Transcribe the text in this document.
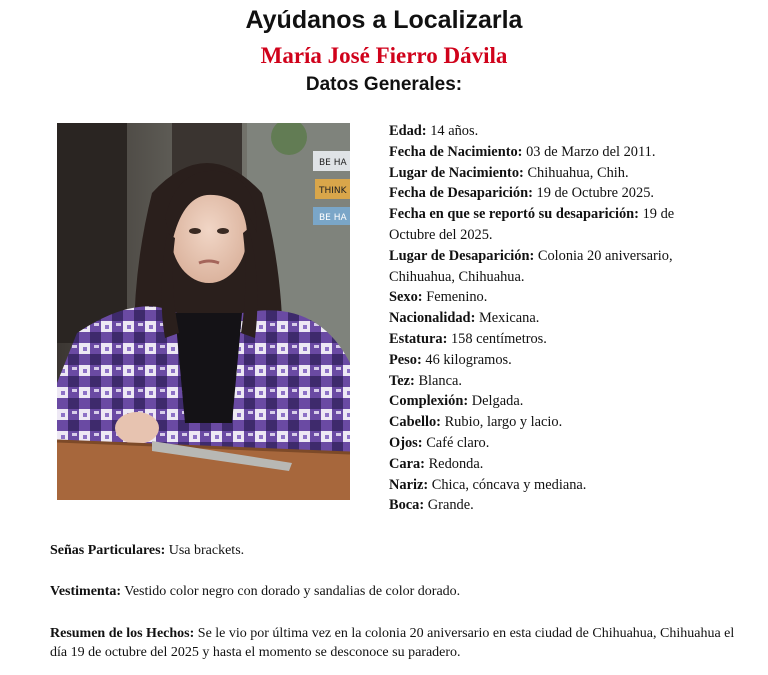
Ayúdanos a Localizarla
María José Fierro Dávila
Datos Generales:
BE HA
THINK
BE HA

Edad: 14 años.

Fecha de Nacimiento: 03 de Marzo del 2011.

Lugar de Nacimiento: Chihuahua, Chih.

Fecha de Desaparición: 19 de Octubre 2025.

Fecha en que se reportó su desaparición: 19 de Octubre del 2025.

Lugar de Desaparición: Colonia 20 aniversario, Chihuahua, Chihuahua.

Sexo: Femenino.

Nacionalidad: Mexicana.

Estatura: 158 centímetros.

Peso: 46 kilogramos.

Tez: Blanca.

Complexión: Delgada.

Cabello: Rubio, largo y lacio.

Ojos: Café claro.

Cara: Redonda.

Nariz: Chica, cóncava y mediana.

Boca: Grande.

Señas Particulares: Usa brackets.
Vestimenta: Vestido color negro con dorado y sandalias de color dorado.
Resumen de los Hechos: Se le vio por última vez en la colonia 20 aniversario en esta ciudad de Chihuahua, Chihuahua el día 19 de octubre del 2025 y hasta el momento se desconoce su paradero.
